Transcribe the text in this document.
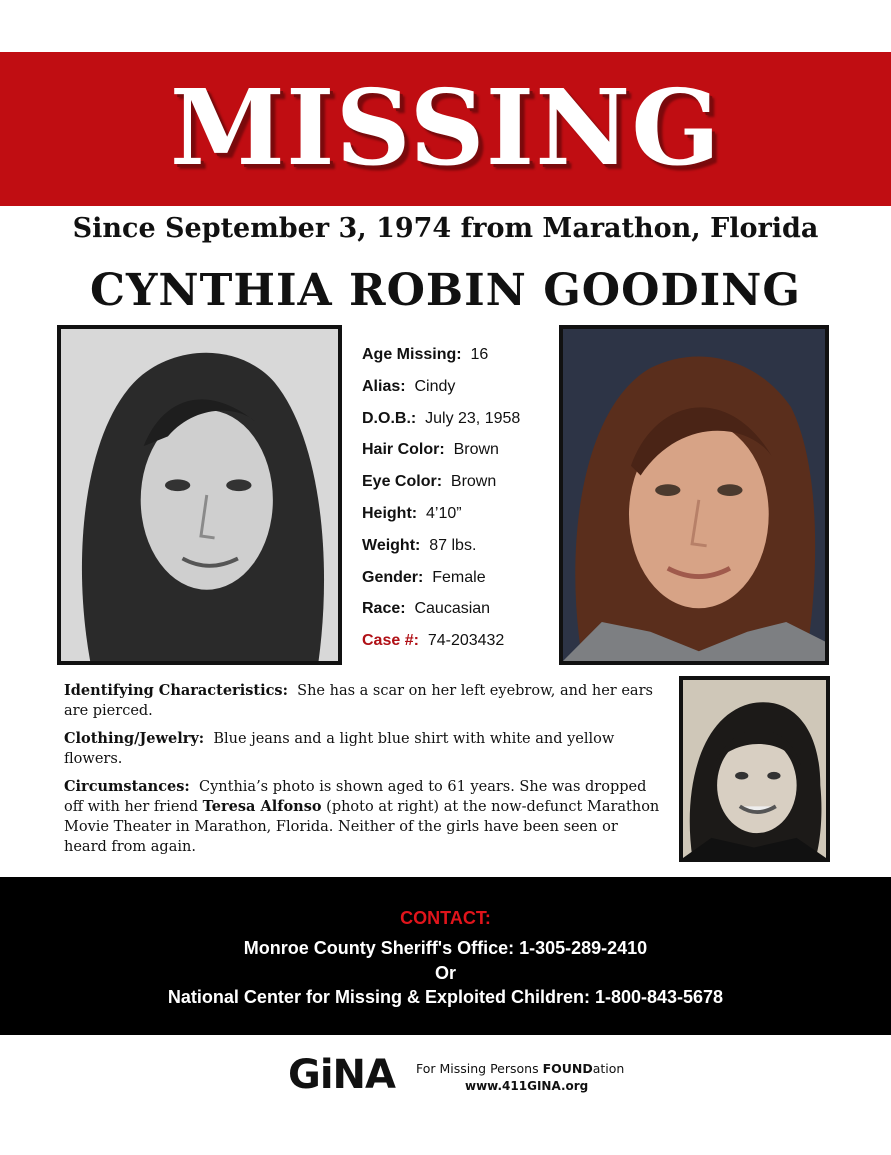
MISSING
Since September 3, 1974 from Marathon, Florida
CYNTHIA ROBIN GOODING
Age Missing: 16
Alias: Cindy
D.O.B.: July 23, 1958
Hair Color: Brown
Eye Color: Brown
Height: 4’10”
Weight: 87 lbs.
Gender: Female
Race: Caucasian
Case #: 74-203432

Identifying Characteristics: She has a scar on her left eyebrow, and her ears are pierced.

Clothing/Jewelry: Blue jeans and a light blue shirt with white and yellow flowers.

Circumstances: Cynthia’s photo is shown aged to 61 years. She was dropped off with her friend Teresa Alfonso (photo at right) at the now-defunct Marathon Movie Theater in Marathon, Florida. Neither of the girls have been seen or heard from again.

CONTACT:
Monroe County Sheriff's Office: 1-305-289-2410
Or
National Center for Missing & Exploited Children: 1-800-843-5678
GiNA For Missing Persons FOUNDation
www.411GINA.org
